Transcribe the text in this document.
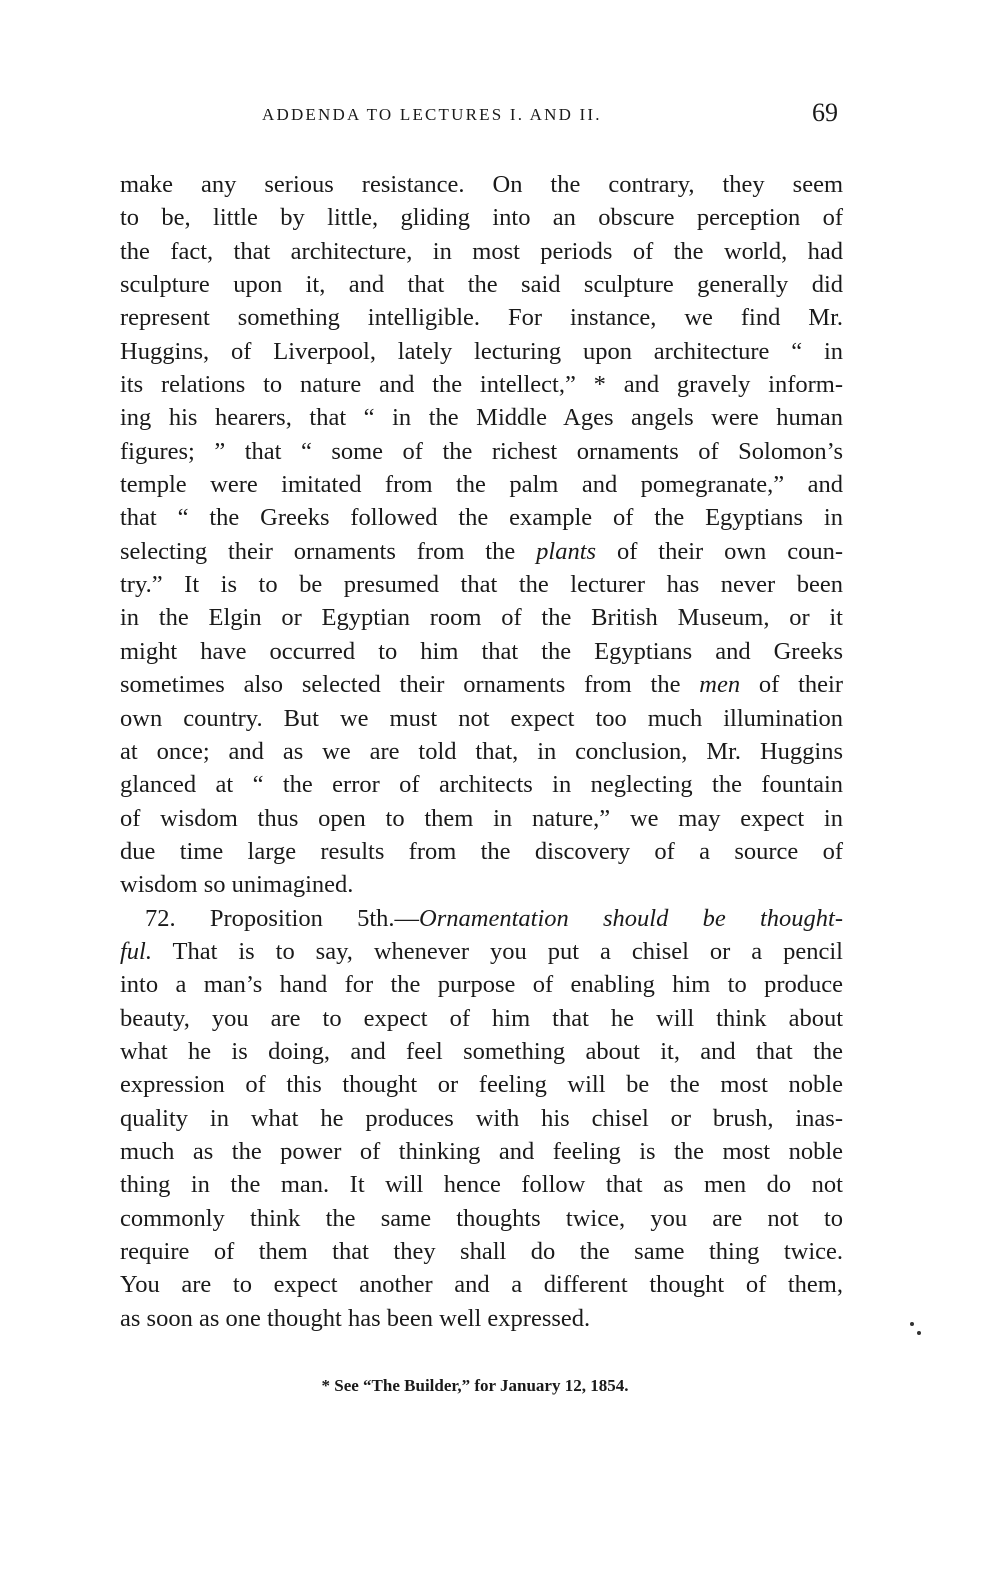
ADDENDA TO LECTURES I. AND II.	69
make any serious resistance. On the contrary, they seem
to be, little by little, gliding into an obscure perception of
the fact, that architecture, in most periods of the world, had
sculpture upon it, and that the said sculpture generally did
represent something intelligible. For instance, we find Mr.
Huggins, of Liverpool, lately lecturing upon architecture “ in
its relations to nature and the intellect,” * and gravely inform-
ing his hearers, that “ in the Middle Ages angels were human
figures; ” that “ some of the richest ornaments of Solomon’s
temple were imitated from the palm and pomegranate,” and
that “ the Greeks followed the example of the Egyptians in
selecting their ornaments from the plants of their own coun-
try.” It is to be presumed that the lecturer has never been
in the Elgin or Egyptian room of the British Museum, or it
might have occurred to him that the Egyptians and Greeks
sometimes also selected their ornaments from the men of their
own country. But we must not expect too much illumination
at once; and as we are told that, in conclusion, Mr. Huggins
glanced at “ the error of architects in neglecting the fountain
of wisdom thus open to them in nature,” we may expect in
due time large results from the discovery of a source of
wisdom so unimagined.
72. Proposition 5th.—Ornamentation should be thought-
ful. That is to say, whenever you put a chisel or a pencil
into a man’s hand for the purpose of enabling him to produce
beauty, you are to expect of him that he will think about
what he is doing, and feel something about it, and that the
expression of this thought or feeling will be the most noble
quality in what he produces with his chisel or brush, inas-
much as the power of thinking and feeling is the most noble
thing in the man. It will hence follow that as men do not
commonly think the same thoughts twice, you are not to
require of them that they shall do the same thing twice.
You are to expect another and a different thought of them,
as soon as one thought has been well expressed.
* See “The Builder,” for January 12, 1854.
